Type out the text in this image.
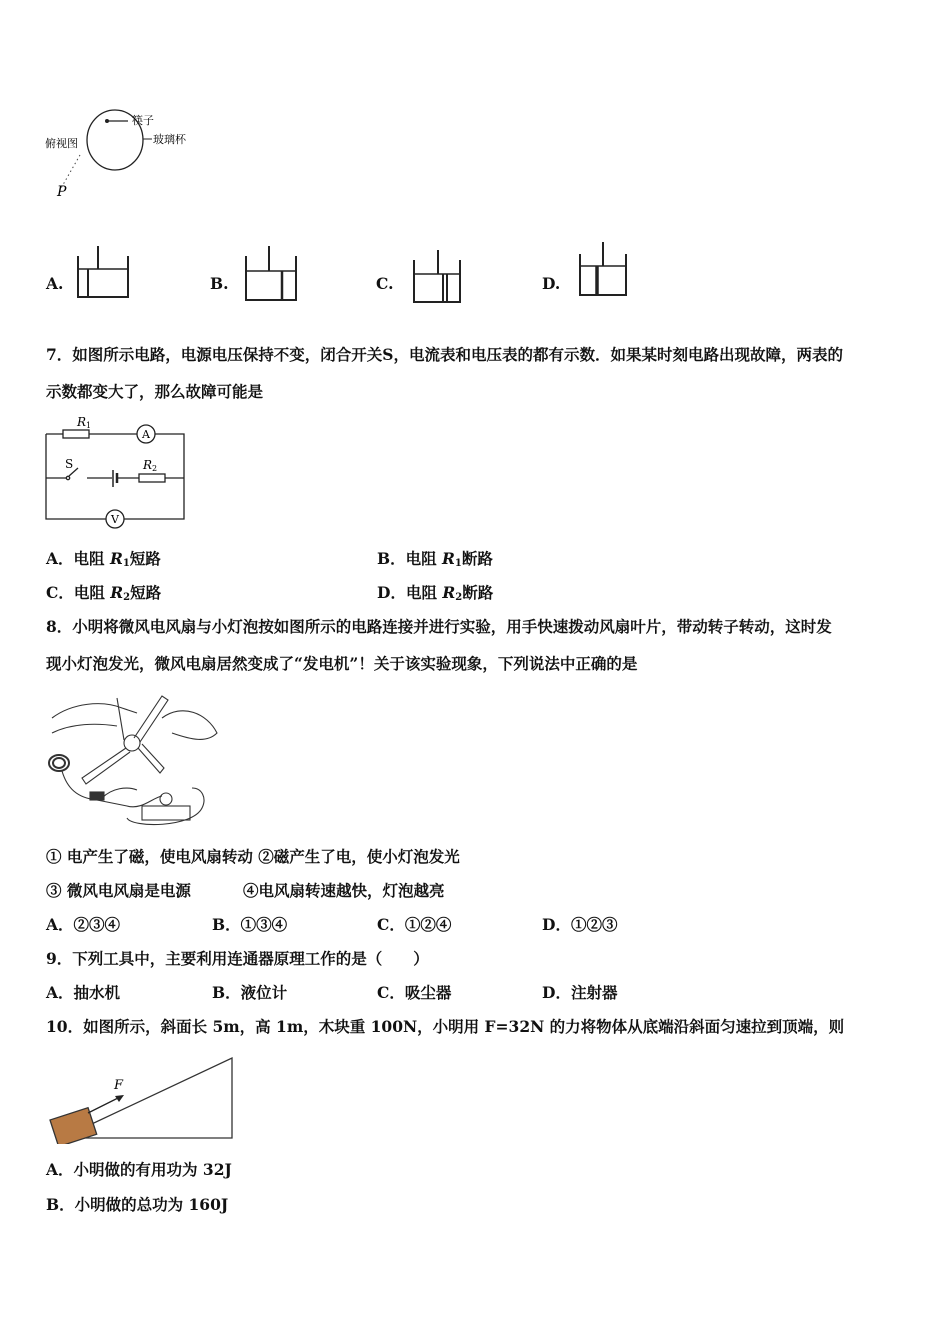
筷子
玻璃杯
俯视图
P
A.	B.	C.	D.
7．如图所示电路，电源电压保持不变，闭合开关S，电流表和电压表的都有示数．如果某时刻电路出现故障，两表的
示数都变大了，那么故障可能是
R1
A
S	R2
V
A．电阻 $R_1$短路	B．电阻 $R_1$断路
C．电阻 $R_2$短路	D．电阻 $R_2$断路
8．小明将微风电风扇与小灯泡按如图所示的电路连接并进行实验，用手快速拨动风扇叶片，带动转子转动，这时发
现小灯泡发光，微风电扇居然变成了“发电机”！关于该实验现象，下列说法中正确的是
① 电产生了磁，使电风扇转动 ②磁产生了电，使小灯泡发光
③ 微风电风扇是电源	④电风扇转速越快，灯泡越亮
A．②③④	B．①③④	C．①②④	D．①②③
9．下列工具中，主要利用连通器原理工作的是（　　）
A．抽水机	B．液位计	C．吸尘器	D．注射器
10．如图所示，斜面长 5m，高 1m，木块重 100N，小明用 F=32N 的力将物体从底端沿斜面匀速拉到顶端，则
F
A．小明做的有用功为 32J
B．小明做的总功为 160J
